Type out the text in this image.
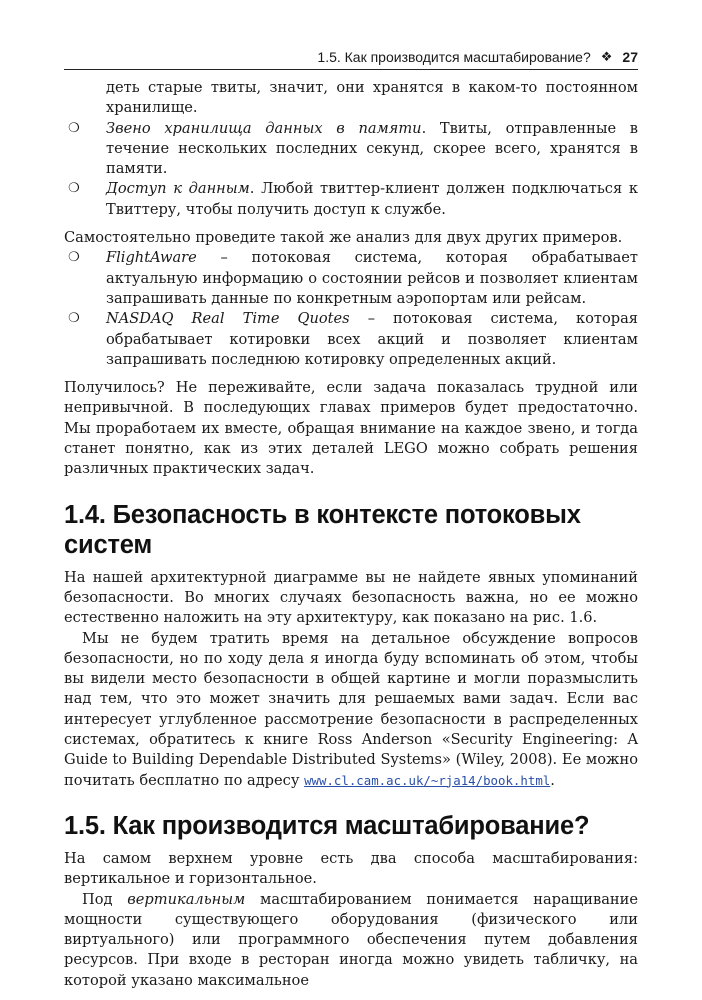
1.5. Как производится масштабирование? ❖ 27

деть старые твиты, значит, они хранятся в каком-то постоянном хранилище.

❍ Звено хранилища данных в памяти. Твиты, отправленные в течение нескольких последних секунд, скорее всего, хранятся в памяти.
❍ Доступ к данным. Любой твиттер-клиент должен подключаться к Твиттеру, чтобы получить доступ к службе.

Самостоятельно проведите такой же анализ для двух других примеров.

❍ FlightAware – потоковая система, которая обрабатывает актуальную информацию о состоянии рейсов и позволяет клиентам запрашивать данные по конкретным аэропортам или рейсам.
❍ NASDAQ Real Time Quotes – потоковая система, которая обрабатывает котировки всех акций и позволяет клиентам запрашивать последнюю котировку определенных акций.

Получилось? Не переживайте, если задача показалась трудной или непривычной. В последующих главах примеров будет предостаточно. Мы проработаем их вместе, обращая внимание на каждое звено, и тогда станет понятно, как из этих деталей LEGO можно собрать решения различных практических задач.

1.4. Безопасность в контексте потоковых систем

На нашей архитектурной диаграмме вы не найдете явных упоминаний безопасности. Во многих случаях безопасность важна, но ее можно естественно наложить на эту архитектуру, как показано на рис. 1.6.

Мы не будем тратить время на детальное обсуждение вопросов безопасности, но по ходу дела я иногда буду вспоминать об этом, чтобы вы видели место безопасности в общей картине и могли поразмыслить над тем, что это может значить для решаемых вами задач. Если вас интересует углубленное рассмотрение безопасности в распределенных системах, обратитесь к книге Ross Anderson «Security Engineering: A Guide to Building Dependable Distributed Systems» (Wiley, 2008). Ее можно почитать бесплатно по адресу www.cl.cam.ac.uk/~rja14/book.html.

1.5. Как производится масштабирование?

На самом верхнем уровне есть два способа масштабирования: вертикальное и горизонтальное.

Под вертикальным масштабированием понимается наращивание мощности существующего оборудования (физического или виртуального) или программного обеспечения путем добавления ресурсов. При входе в ресторан иногда можно увидеть табличку, на которой указано максимальное
